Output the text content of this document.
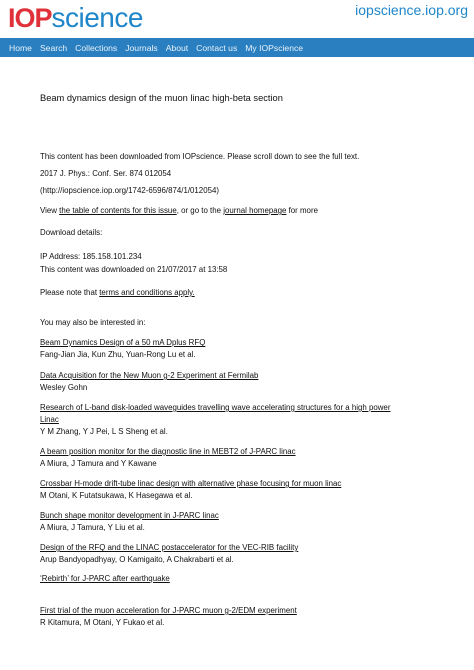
IOP science	iopscience.iop.org
Home Search Collections Journals About Contact us My IOPscience
Beam dynamics design of the muon linac high-beta section
This content has been downloaded from IOPscience. Please scroll down to see the full text.
2017 J. Phys.: Conf. Ser. 874 012054
(http://iopscience.iop.org/1742-6596/874/1/012054)
View the table of contents for this issue, or go to the journal homepage for more
Download details:
IP Address: 185.158.101.234
This content was downloaded on 21/07/2017 at 13:58
Please note that terms and conditions apply.
You may also be interested in:
Beam Dynamics Design of a 50 mA Dplus RFQ
Fang-Jian Jia, Kun Zhu, Yuan-Rong Lu et al.
Data Acquisition for the New Muon g-2 Experiment at Fermilab
Wesley Gohn
Research of L-band disk-loaded waveguides travelling wave accelerating structures for a high power Linac
Y M Zhang, Y J Pei, L S Sheng et al.
A beam position monitor for the diagnostic line in MEBT2 of J-PARC linac
A Miura, J Tamura and Y Kawane
Crossbar H-mode drift-tube linac design with alternative phase focusing for muon linac
M Otani, K Futatsukawa, K Hasegawa et al.
Bunch shape monitor development in J-PARC linac
A Miura, J Tamura, Y Liu et al.
Design of the RFQ and the LINAC postaccelerator for the VEC-RIB facility
Arup Bandyopadhyay, O Kamigaito, A Chakrabarti et al.
‘Rebirth’ for J-PARC after earthquake
First trial of the muon acceleration for J-PARC muon g-2/EDM experiment
R Kitamura, M Otani, Y Fukao et al.
